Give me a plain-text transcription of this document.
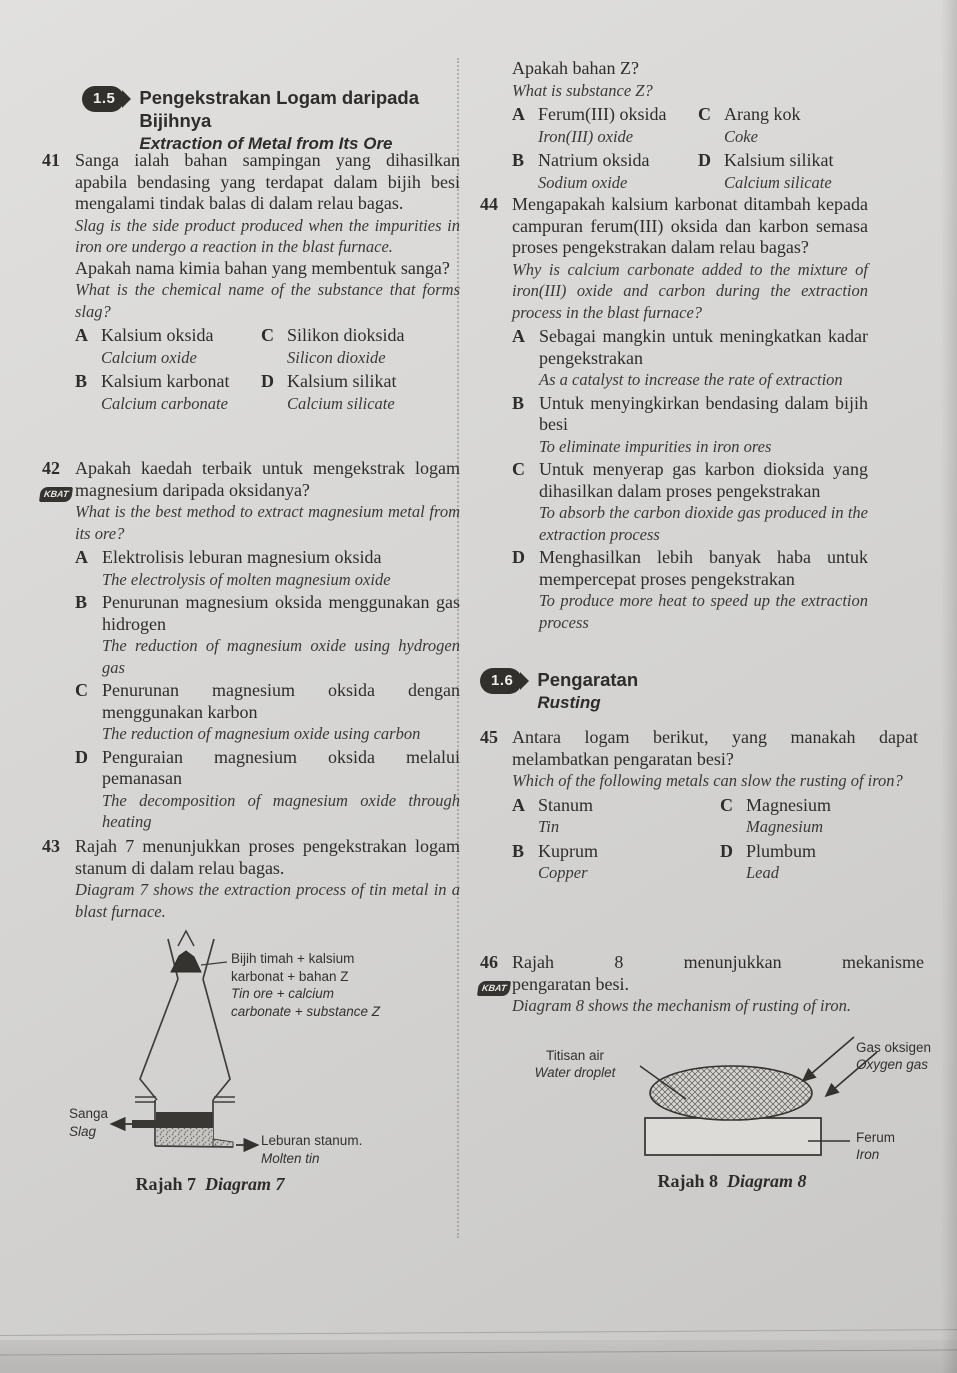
1.5	Pengekstrakan Logam daripada
Bijihnya
Extraction of Metal from Its Ore
41 Sanga ialah bahan sampingan yang dihasilkan apabila bendasing yang terdapat dalam bijih besi mengalami tindak balas di dalam relau bagas.

Slag is the side product produced when the impurities in iron ore undergo a reaction in the blast furnace.

Apakah nama kimia bahan yang membentuk sanga?

What is the chemical name of the substance that forms slag?

A Kalsium oksida
Calcium oxide
C Silikon dioksida
Silicon dioxide
B Kalsium karbonat
Calcium carbonate
D Kalsium silikat
Calcium silicate
42
KBAT

Apakah kaedah terbaik untuk mengekstrak logam magnesium daripada oksidanya?

What is the best method to extract magnesium metal from its ore?

A Elektrolisis leburan magnesium oksida
The electrolysis of molten magnesium oxide
B Penurunan magnesium oksida menggunakan gas hidrogen
The reduction of magnesium oxide using hydrogen gas
C Penurunan magnesium oksida dengan menggunakan karbon
The reduction of magnesium oxide using carbon
D Penguraian magnesium oksida melalui pemanasan
The decomposition of magnesium oxide through heating
43 Rajah 7 menunjukkan proses pengekstrakan logam stanum di dalam relau bagas.

Diagram 7 shows the extraction process of tin metal in a blast furnace.

Bijih timah + kalsium karbonat + bahan Z
Tin ore + calcium carbonate + substance Z
Sanga
Slag
Leburan stanum.
Molten tin
Rajah 7 Diagram 7

Apakah bahan Z?

What is substance Z?

A Ferum(III) oksida
Iron(III) oxide
C Arang kok
Coke
B Natrium oksida
Sodium oxide
D Kalsium silikat
Calcium silicate
44 Mengapakah kalsium karbonat ditambah kepada campuran ferum(III) oksida dan karbon semasa proses pengekstrakan dalam relau bagas?

Why is calcium carbonate added to the mixture of iron(III) oxide and carbon during the extraction process in the blast furnace?

A Sebagai mangkin untuk meningkatkan kadar pengekstrakan
As a catalyst to increase the rate of extraction
B Untuk menyingkirkan bendasing dalam bijih besi
To eliminate impurities in iron ores
C Untuk menyerap gas karbon dioksida yang dihasilkan dalam proses pengekstrakan
To absorb the carbon dioxide gas produced in the extraction process
D Menghasilkan lebih banyak haba untuk mempercepat proses pengekstrakan
To produce more heat to speed up the extraction process
1.6	Pengaratan
Rusting
45 Antara logam berikut, yang manakah dapat melambatkan pengaratan besi?

Which of the following metals can slow the rusting of iron?

A Stanum
Tin
C Magnesium
Magnesium
B Kuprum
Copper
D Plumbum
Lead
46
KBAT

Rajah 8 menunjukkan mekanisme

pengaratan besi.

Diagram 8 shows the mechanism of rusting of iron.

Titisan air
Water droplet
Gas oksigen
Oxygen gas
Ferum
Iron
Rajah 8 Diagram 8
